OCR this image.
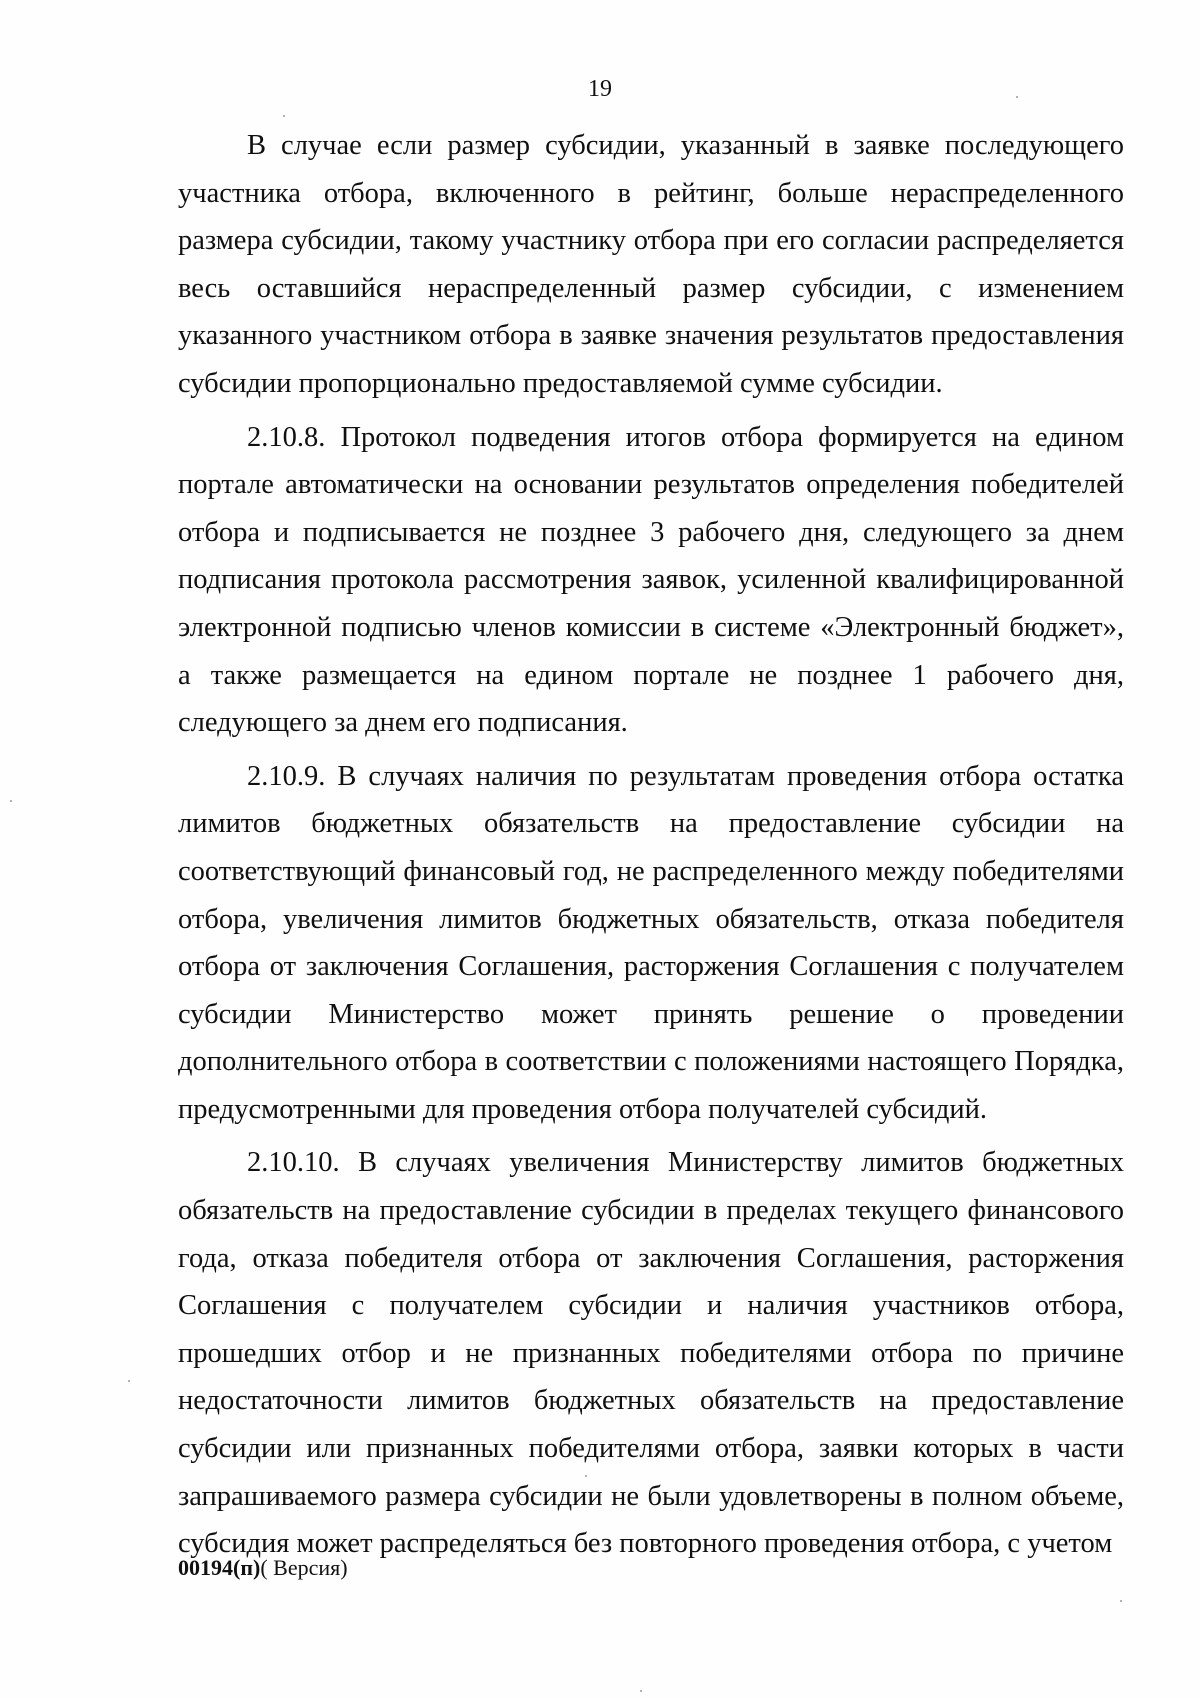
19

В случае если размер субсидии, указанный в заявке последующего участника отбора, включенного в рейтинг, больше нераспределенного размера субсидии, такому участнику отбора при его согласии распределяется весь оставшийся нераспределенный размер субсидии, с изменением указанного участником отбора в заявке значения результатов предоставления субсидии пропорционально предоставляемой сумме субсидии.

2.10.8. Протокол подведения итогов отбора формируется на едином портале автоматически на основании результатов определения победителей отбора и подписывается не позднее 3 рабочего дня, следующего за днем подписания протокола рассмотрения заявок, усиленной квалифицированной электронной подписью членов комиссии в системе «Электронный бюджет», а также размещается на едином портале не позднее 1 рабочего дня, следующего за днем его подписания.

2.10.9. В случаях наличия по результатам проведения отбора остатка лимитов бюджетных обязательств на предоставление субсидии на соответствующий финансовый год, не распределенного между победителями отбора, увеличения лимитов бюджетных обязательств, отказа победителя отбора от заключения Соглашения, расторжения Соглашения с получателем субсидии Министерство может принять решение о проведении дополнительного отбора в соответствии с положениями настоящего Порядка, предусмотренными для проведения отбора получателей субсидий.

2.10.10. В случаях увеличения Министерству лимитов бюджетных обязательств на предоставление субсидии в пределах текущего финансового года, отказа победителя отбора от заключения Соглашения, расторжения Соглашения с получателем субсидии и наличия участников отбора, прошедших отбор и не признанных победителями отбора по причине недостаточности лимитов бюджетных обязательств на предоставление субсидии или признанных победителями отбора, заявки которых в части запрашиваемого размера субсидии не были удовлетворены в полном объеме, субсидия может распределяться без повторного проведения отбора, с учетом

00194(п)( Версия)
